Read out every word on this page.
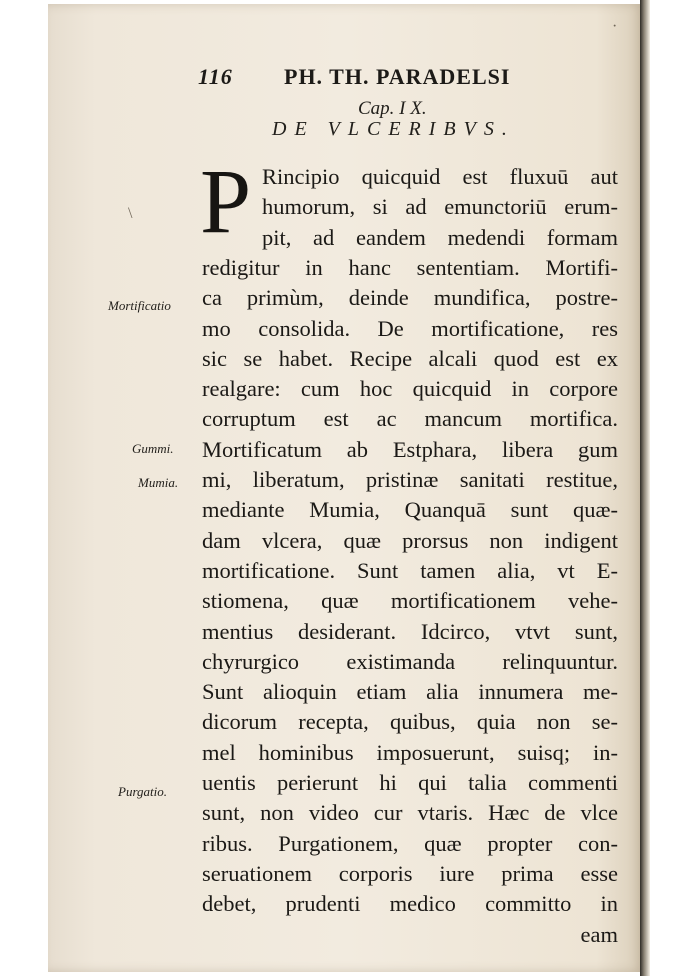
116 PH. TH. PARADELSI
Cap. I X.
DE VLCERIBVS.
P Rincipio quicquid est fluxuū aut
humorum, si ad emunctoriū erum-
pit, ad eandem medendi formam
redigitur in hanc sententiam. Mortifi-
ca primùm, deinde mundifica, postre-
mo consolida. De mortificatione, res
sic se habet. Recipe alcali quod est ex
realgare: cum hoc quicquid in corpore
corruptum est ac mancum mortifica.
Mortificatum ab Estphara, libera gum
mi, liberatum, pristinæ sanitati restitue,
mediante Mumia, Quanquā sunt quæ-
dam vlcera, quæ prorsus non indigent
mortificatione. Sunt tamen alia, vt E-
stiomena, quæ mortificationem vehe-
mentius desiderant. Idcirco, vtvt sunt,
chyrurgico existimanda relinquuntur.
Sunt alioquin etiam alia innumera me-
dicorum recepta, quibus, quia non se-
mel hominibus imposuerunt, suisq; in-
uentis perierunt hi qui talia commenti
sunt, non video cur vtaris. Hæc de vlce
ribus. Purgationem, quæ propter con-
seruationem corporis iure prima esse
debet, prudenti medico committo in
eam
Mortificatio
Gummi.
Mumia.
Purgatio.
\
·
